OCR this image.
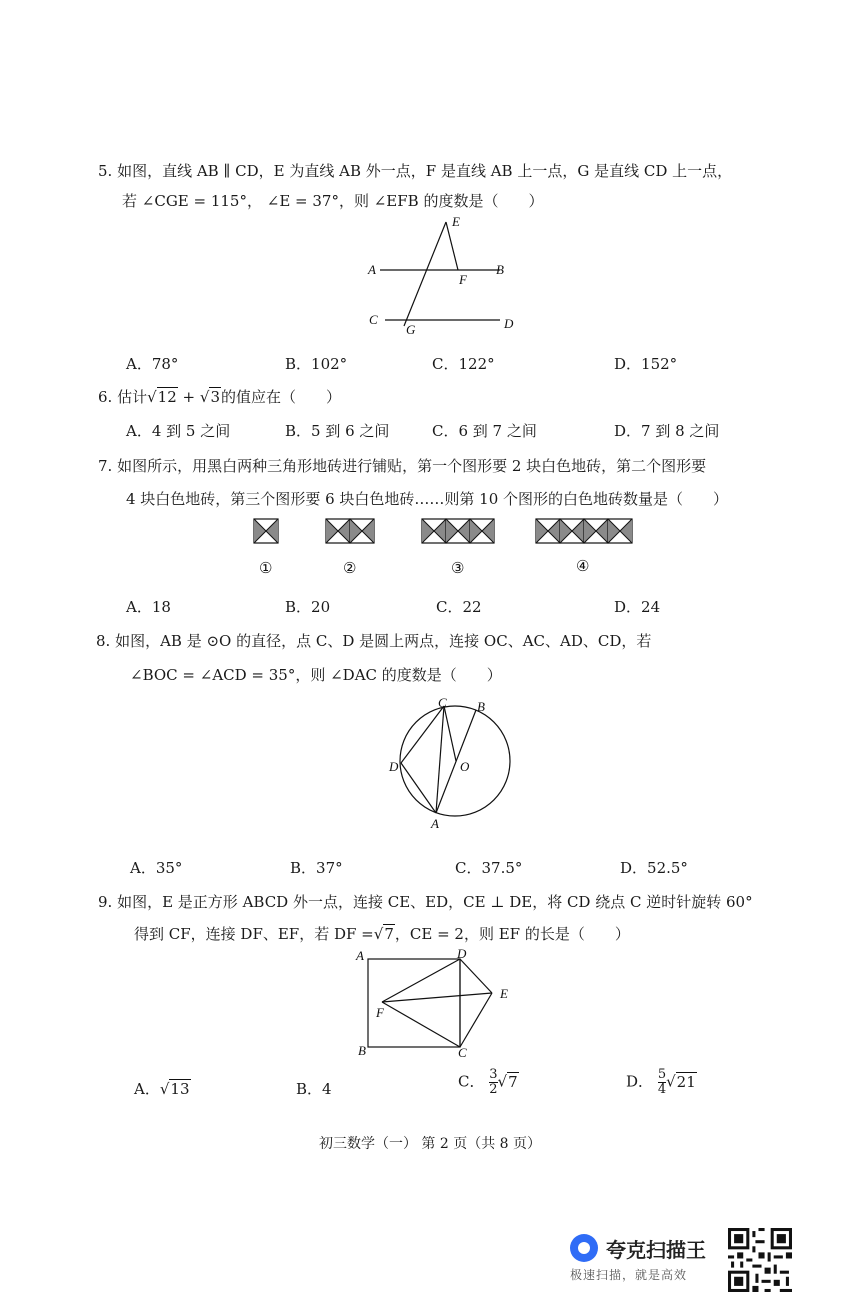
5. 如图，直线 AB ∥ CD，E 为直线 AB 外一点，F 是直线 AB 上一点，G 是直线 CD 上一点，
若 ∠CGE = 115°， ∠E = 37°，则 ∠EFB 的度数是（　　）
E
A	B
F
C
G	D
A．78°	B．102°	C．122°	D．152°
6. 估计√12 + √3的值应在（　　）
A．4 到 5 之间	B．5 到 6 之间	C．6 到 7 之间	D．7 到 8 之间
7. 如图所示，用黑白两种三角形地砖进行铺贴，第一个图形要 2 块白色地砖，第二个图形要
4 块白色地砖，第三个图形要 6 块白色地砖……则第 10 个图形的白色地砖数量是（　　）
①	②	③	④
A．18	B．20	C．22	D．24
8. 如图，AB 是 ⊙O 的直径，点 C、D 是圆上两点，连接 OC、AC、AD、CD，若
∠BOC = ∠ACD = 35°，则 ∠DAC 的度数是（　　）
C B
D	O
A
A．35°	B．37°	C．37.5°	D．52.5°
9. 如图，E 是正方形 ABCD 外一点，连接 CE、ED，CE ⊥ DE，将 CD 绕点 C 逆时针旋转 60°
得到 CF，连接 DF、EF，若 DF =√7，CE = 2，则 EF 的长是（　　）
A	D
E
F
B	C
A．√13	B．4	C． $\frac{3}{2} √7$	D． $\frac{5}{4} √21$
初三数学（一） 第 2 页（共 8 页）
夸克扫描王
极速扫描，就是高效
